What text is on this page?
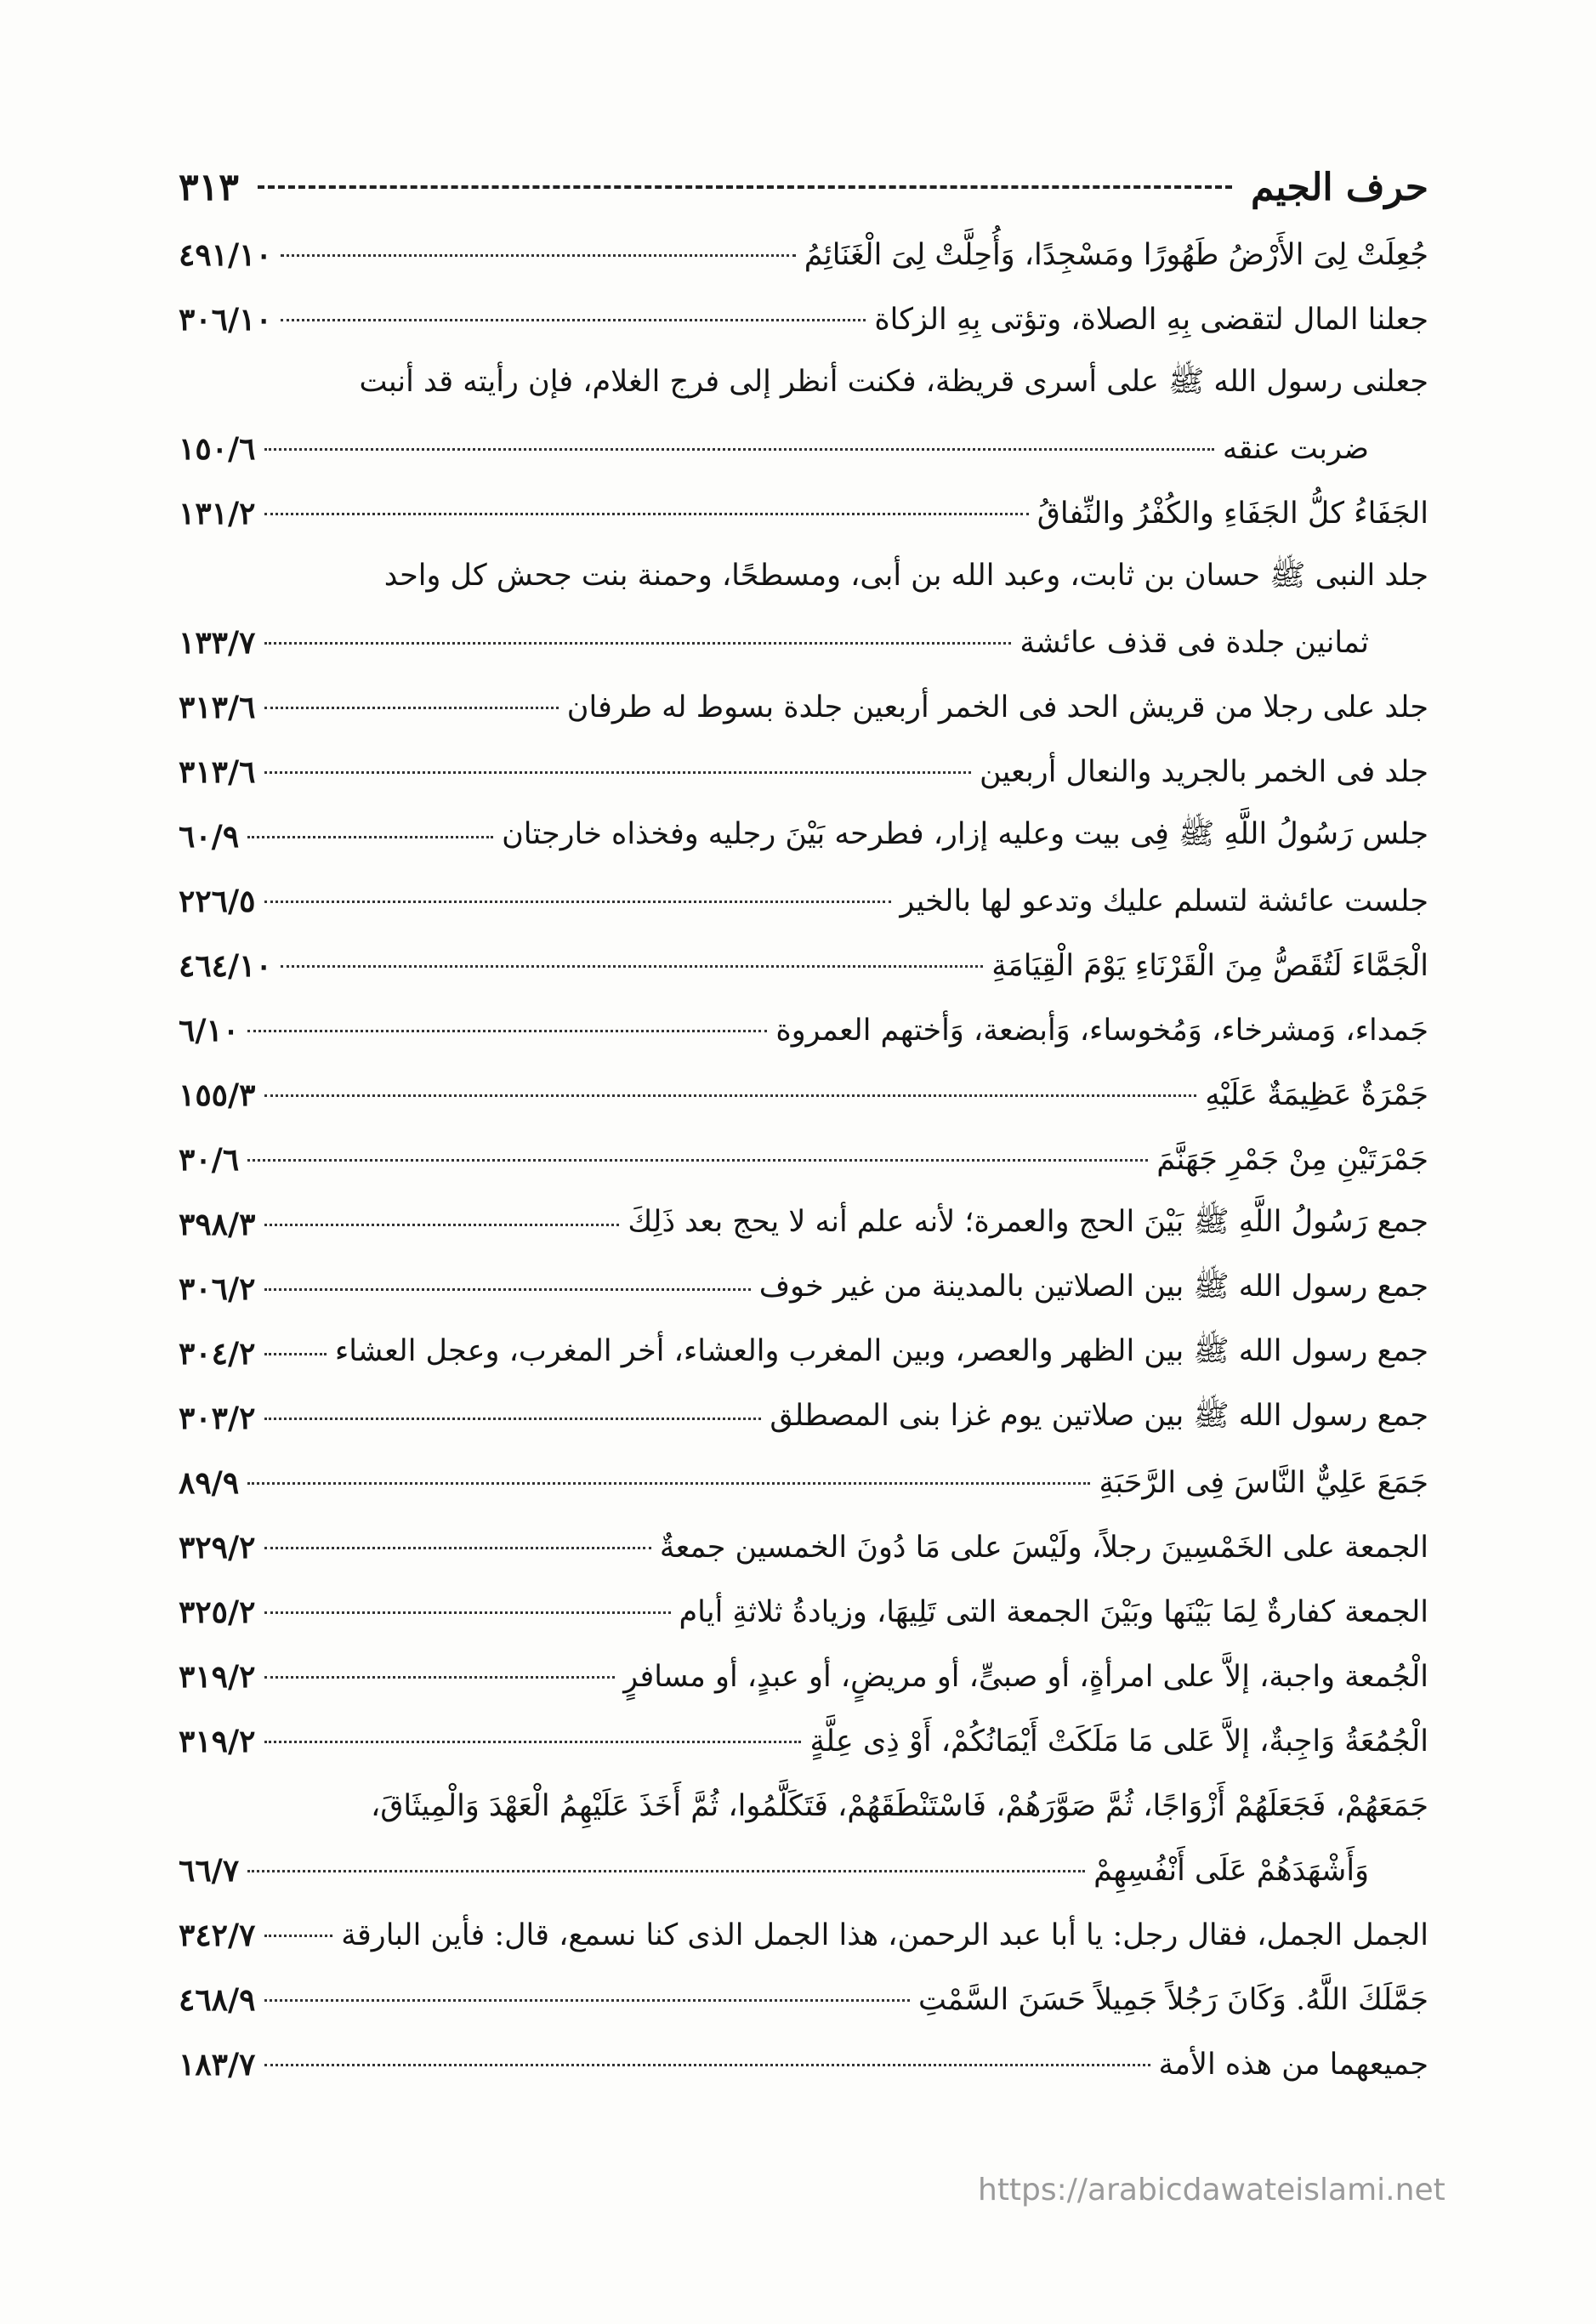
حرف الجيم
٣١٣
جُعِلَتْ لِىَ الأَرْضُ طَهُورًا ومَسْجِدًا، وَأُحِلَّتْ لِىَ الْغَنَائِمُ
٤٩١/١٠
جعلنا المال لتقضى بِهِ الصلاة، وتؤتى بِهِ الزكاة
٣٠٦/١٠
جعلنى رسول الله ﷺ على أسرى قريظة، فكنت أنظر إلى فرج الغلام، فإن رأيته قد أنبت
ضربت عنقه
١٥٠/٦
الجَفَاءُ كلُّ الجَفَاءِ والكُفْرُ والنِّفاقُ
١٣١/٢
جلد النبى ﷺ حسان بن ثابت، وعبد الله بن أبى، ومسطحًا، وحمنة بنت جحش كل واحد
ثمانين جلدة فى قذف عائشة
١٣٣/٧
جلد على رجلا من قريش الحد فى الخمر أربعين جلدة بسوط له طرفان
٣١٣/٦
جلد فى الخمر بالجريد والنعال أربعين
٣١٣/٦
جلس رَسُولُ اللَّهِ ﷺ فِى بيت وعليه إزار، فطرحه بَيْنَ رجليه وفخذاه خارجتان
٦٠/٩
جلست عائشة لتسلم عليك وتدعو لها بالخير
٢٢٦/٥
الْجَمَّاءَ لَتُقَصُّ مِنَ الْقَرْنَاءِ يَوْمَ الْقِيَامَةِ
٤٦٤/١٠
جَمداء، وَمشرخاء، وَمُخوساء، وَأبضعة، وَأختهم العمروة
٦/١٠
جَمْرَةٌ عَظِيمَةٌ عَلَيْهِ
١٥٥/٣
جَمْرَتَيْنِ مِنْ جَمْرِ جَهَنَّمَ
٣٠/٦
جمع رَسُولُ اللَّهِ ﷺ بَيْنَ الحج والعمرة؛ لأنه علم أنه لا يحج بعد ذَلِكَ
٣٩٨/٣
جمع رسول الله ﷺ بين الصلاتين بالمدينة من غير خوف
٣٠٦/٢
جمع رسول الله ﷺ بين الظهر والعصر، وبين المغرب والعشاء، أخر المغرب، وعجل العشاء
٣٠٤/٢
جمع رسول الله ﷺ بين صلاتين يوم غزا بنى المصطلق
٣٠٣/٢
جَمَعَ عَلِيٌّ النَّاسَ فِى الرَّحَبَةِ
٨٩/٩
الجمعة على الخَمْسِينَ رجلاً، ولَيْسَ على مَا دُونَ الخمسين جمعةٌ
٣٢٩/٢
الجمعة كفارةٌ لِمَا بَيْنَها وبَيْنَ الجمعة التى تَلِيهَا، وزيادةُ ثلاثةِ أيام
٣٢٥/٢
الْجُمعة واجبة، إلاَّ على امرأةٍ، أو صبىٍّ، أو مريضٍ، أو عبدٍ، أو مسافرٍ
٣١٩/٢
الْجُمُعَةُ وَاجِبةٌ، إلاَّ عَلى مَا مَلَكَتْ أَيْمَانُكُمْ، أَوْ ذِى عِلَّةٍ
٣١٩/٢
جَمَعَهُمْ، فَجَعَلَهُمْ أَزْوَاجًا، ثُمَّ صَوَّرَهُمْ، فَاسْتَنْطَقَهُمْ، فَتَكَلَّمُوا، ثُمَّ أَخَذَ عَلَيْهِمُ الْعَهْدَ وَالْمِيثَاقَ،
وَأَشْهَدَهُمْ عَلَى أَنْفُسِهِمْ
٦٦/٧
الجمل الجمل، فقال رجل: يا أبا عبد الرحمن، هذا الجمل الذى كنا نسمع، قال: فأين البارقة
٣٤٢/٧
جَمَّلَكَ اللَّهُ. وَكَانَ رَجُلاً جَمِيلاً حَسَنَ السَّمْتِ
٤٦٨/٩
جميعهما من هذه الأمة
١٨٣/٧
https://arabicdawateislami.net
